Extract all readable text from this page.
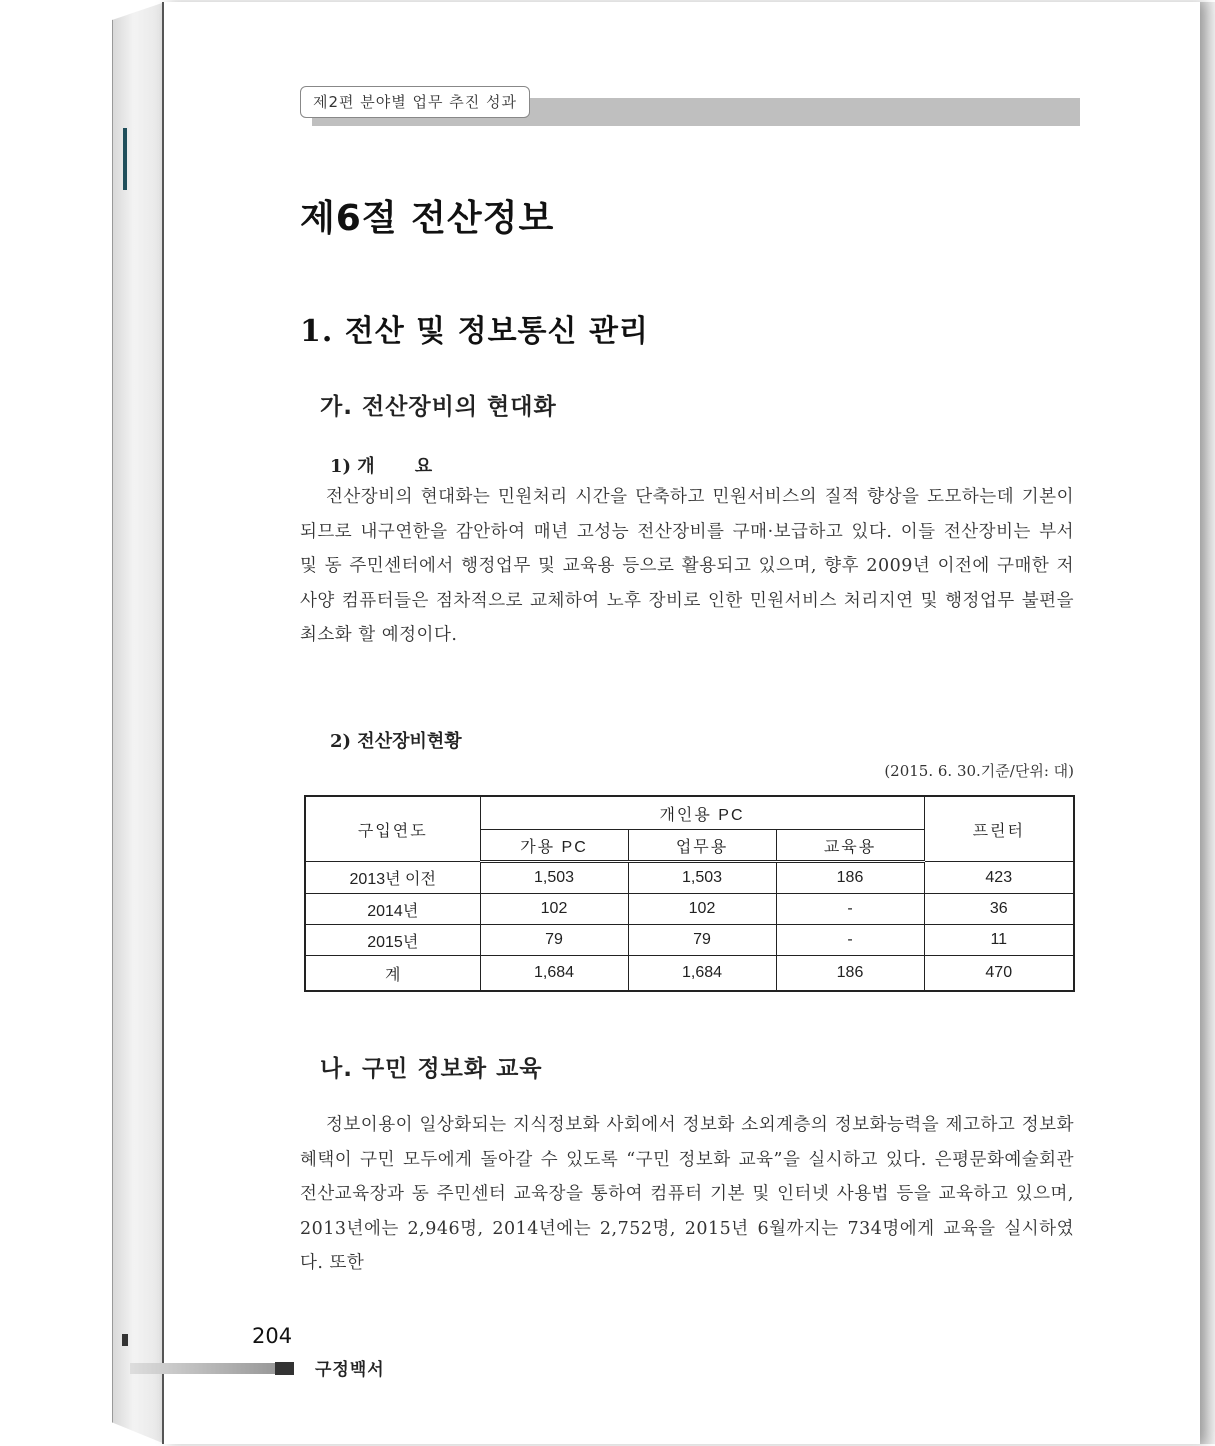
제2편 분야별 업무 추진 성과
제6절 전산정보
1. 전산 및 정보통신 관리
가. 전산장비의 현대화
1) 개 요
전산장비의 현대화는 민원처리 시간을 단축하고 민원서비스의 질적 향상을 도모하는데 기본이 되므로 내구연한을 감안하여 매년 고성능 전산장비를 구매·보급하고 있다. 이들 전산장비는 부서 및 동 주민센터에서 행정업무 및 교육용 등으로 활용되고 있으며, 향후 2009년 이전에 구매한 저사양 컴퓨터들은 점차적으로 교체하여 노후 장비로 인한 민원서비스 처리지연 및 행정업무 불편을 최소화 할 예정이다.
2) 전산장비현황
(2015. 6. 30.기준/단위: 대)
구입연도	개인용 PC			프린터
	가용 PC	업무용	교육용	
2013년 이전	1,503	1,503	186	423
2014년	102	102	-	36
2015년	79	79	-	11
계	1,684	1,684	186	470
나. 구민 정보화 교육
정보이용이 일상화되는 지식정보화 사회에서 정보화 소외계층의 정보화능력을 제고하고 정보화 혜택이 구민 모두에게 돌아갈 수 있도록 “구민 정보화 교육”을 실시하고 있다. 은평문화예술회관 전산교육장과 동 주민센터 교육장을 통하여 컴퓨터 기본 및 인터넷 사용법 등을 교육하고 있으며, 2013년에는 2,946명, 2014년에는 2,752명, 2015년 6월까지는 734명에게 교육을 실시하였다. 또한
204
구정백서
